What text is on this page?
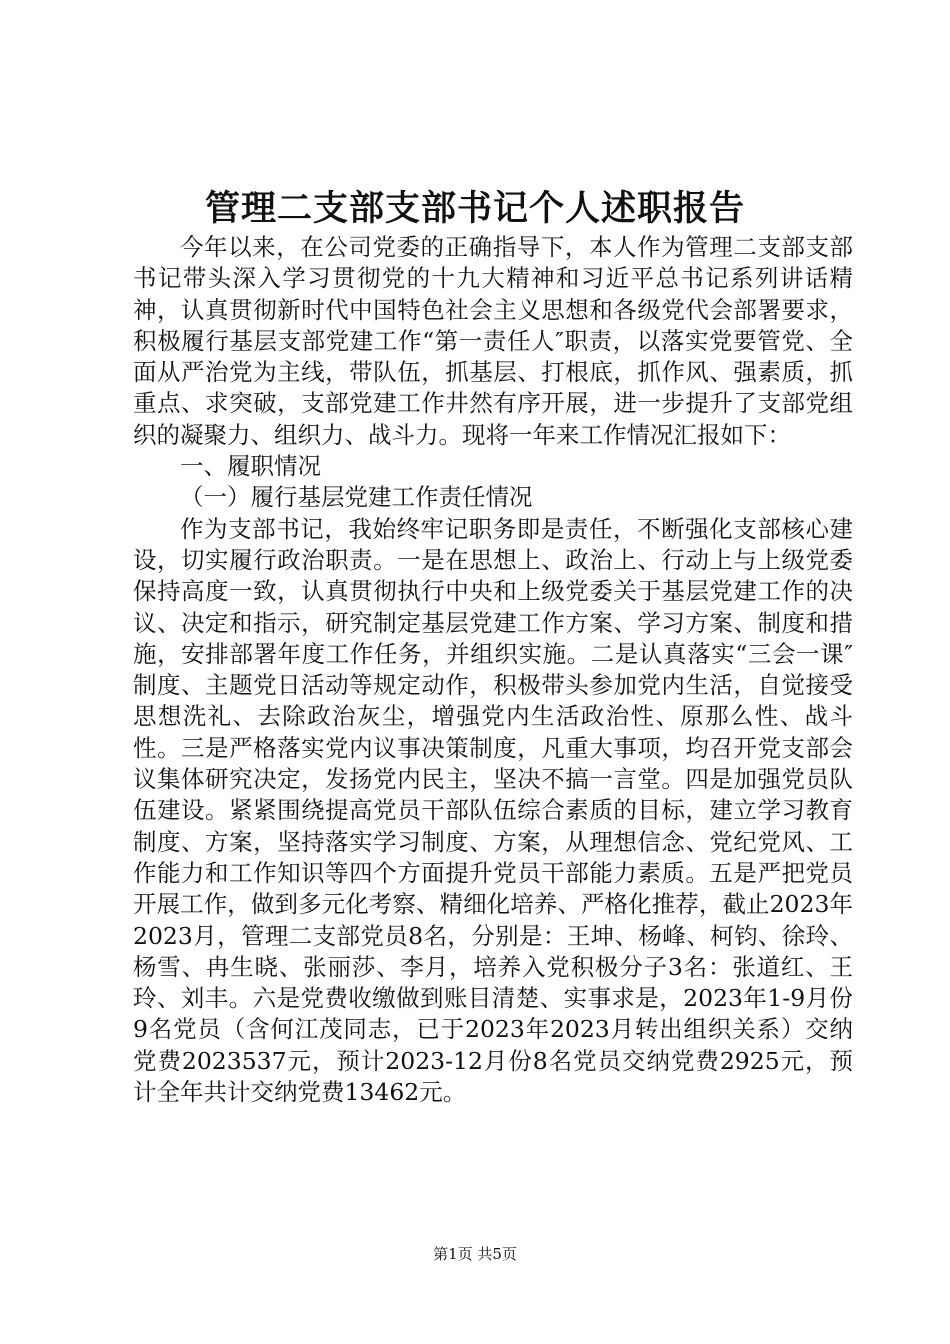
管理二支部支部书记个人述职报告

今年以来，在公司党委的正确指导下，本人作为管理二支部支部书记带头深入学习贯彻党的十九大精神和习近平总书记系列讲话精神，认真贯彻新时代中国特色社会主义思想和各级党代会部署要求，积极履行基层支部党建工作“第一责任人″职责，以落实党要管党、全面从严治党为主线，带队伍，抓基层、打根底，抓作风、强素质，抓重点、求突破，支部党建工作井然有序开展，进一步提升了支部党组织的凝聚力、组织力、战斗力。现将一年来工作情况汇报如下：

一、履职情况

（一）履行基层党建工作责任情况

作为支部书记，我始终牢记职务即是责任，不断强化支部核心建设，切实履行政治职责。一是在思想上、政治上、行动上与上级党委保持高度一致，认真贯彻执行中央和上级党委关于基层党建工作的决议、决定和指示，研究制定基层党建工作方案、学习方案、制度和措施，安排部署年度工作任务，并组织实施。二是认真落实“三会一课″制度、主题党日活动等规定动作，积极带头参加党内生活，自觉接受思想洗礼、去除政治灰尘，增强党内生活政治性、原那么性、战斗性。三是严格落实党内议事决策制度，凡重大事项，均召开党支部会议集体研究决定，发扬党内民主，坚决不搞一言堂。四是加强党员队伍建设。紧紧围绕提高党员干部队伍综合素质的目标，建立学习教育制度、方案，坚持落实学习制度、方案，从理想信念、党纪党风、工作能力和工作知识等四个方面提升党员干部能力素质。五是严把党员开展工作，做到多元化考察、精细化培养、严格化推荐，截止2023年2023月，管理二支部党员8名，分别是：王坤、杨峰、柯钧、徐玲、杨雪、冉生晓、张丽莎、李月，培养入党积极分子3名：张道红、王玲、刘丰。六是党费收缴做到账目清楚、实事求是，2023年1-9月份9名党员（含何江茂同志，已于2023年2023月转出组织关系）交纳党费2023537元，预计2023-12月份8名党员交纳党费2925元，预计全年共计交纳党费13462元。

第1页 共5页
